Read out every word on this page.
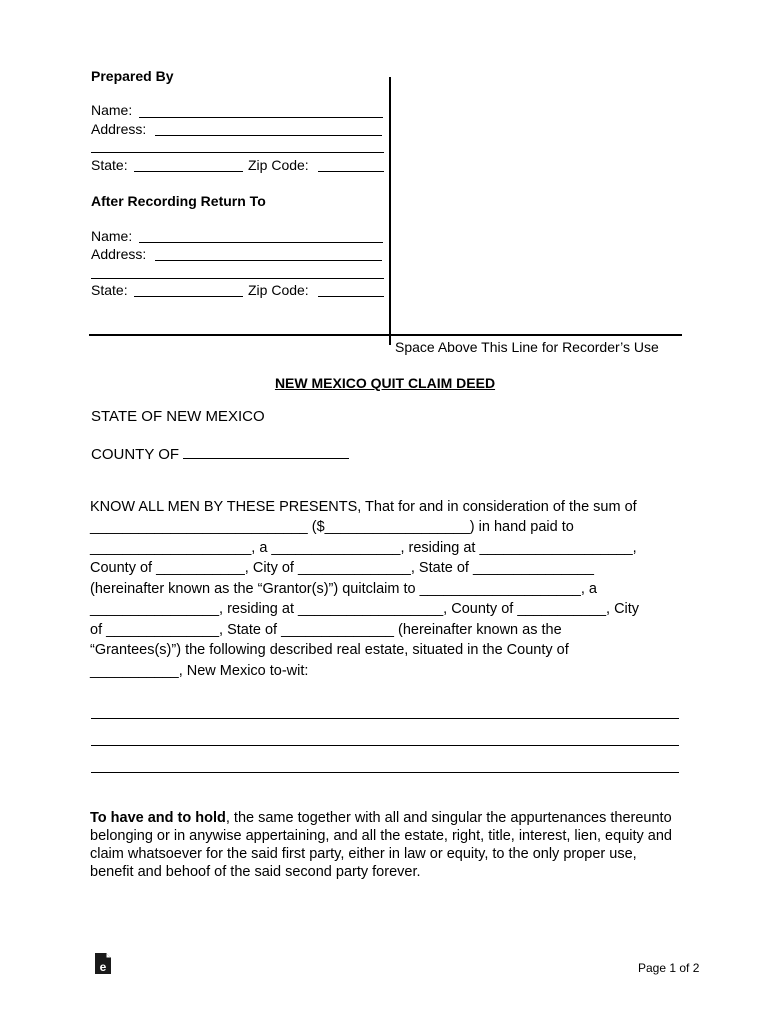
Prepared By
Name:
Address:
State:	Zip Code:
After Recording Return To
Name:
Address:
State:	Zip Code:
Space Above This Line for Recorder’s Use
NEW MEXICO QUIT CLAIM DEED
STATE OF NEW MEXICO
COUNTY OF
KNOW ALL MEN BY THESE PRESENTS, That for and in consideration of the sum of
___________________________ ($__________________) in hand paid to
____________________, a ________________, residing at ___________________,
County of ___________, City of ______________, State of _______________
(hereinafter known as the “Grantor(s)”) quitclaim to ____________________, a
________________, residing at __________________, County of ___________, City
of ______________, State of ______________ (hereinafter known as the
“Grantees(s)”) the following described real estate, situated in the County of
___________, New Mexico to-wit:
To have and to hold, the same together with all and singular the appurtenances thereunto belonging or in anywise appertaining, and all the estate, right, title, interest, lien, equity and claim whatsoever for the said first party, either in law or equity, to the only proper use, benefit and behoof of the said second party forever.
e	Page 1 of 2
